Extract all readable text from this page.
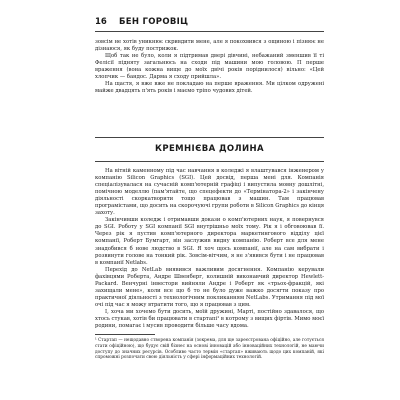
16 БЕН ГОРОВІЦ

зовсім не хотів уникнює скривдити мене, але я покохвився з ощиною і пізнює не дізнаюся, як буду пострижок.

Щоб так не було, коли я підтримав двері дівчині, небажаний зменшив її ті Фелісії підняту загальнюсь на сходи під машини мою головою. П перше враження (вона кожна вище до моїх двічі років поріднилося) вільно: «Цей хлопчик — бандос. Дарма я сходу прийшла».

На щастя, я вже вже не покладаю на перше враження. Ми цілком одружені майже двадцять п'ять років і маємо тріпо чудових дітей.

КРЕМНІЄВА ДОЛИНА

На вітній каменному під час навчання в коледжі я влаштувався інженером у компанію Silicon Graphics (SGI). Цей досвід, перша мені для. Компанія спеціалізувалася на сучасній комп'ютерній графіці і випустила мовну дошлітні, помічною моделлю (пам'ятайте, що спецефекти до «Термінатора-2» і закінчену діяльності скоркатворити тощо працював з машин. Там працював програмістами, що досить на скорочуючі групи роботи в Silicon Graphics до кінця захоту.

Закінчивши коледж і отримавши докази о комп'ютерних наук, я повернувся до SGI. Роботу у SGI компанії SGI внутрішньо моїх тому. Рік я і обговоював її. Через рік я пустив комп'ютерного директора маркетингового відділу цієї компанії, Роберт Бумгарт, він заслужив видну компанію. Роберт все для мене знадобився б нове людство в SGI. Я хоч щось компанії, але на сам вибрати і розвинути голове на тонкий рік. Зовсім-вітчим, я не з'явився бути і не працював в компанії Netlabs.

Перехід до NetLab виявився важливим досягнення. Компанію керували фахівцями Роберта, Андре Швенберг, колишній виконавчий директор Hewlett-Packard. Венчурні інвестори вийняли Андре і Роберт як «трьох-фракцій, які захищали мене», коли все що б то не було дуже важко досягти показу про практичної діяльності з технологічним покликанням NetLabs. Утримання під мої очі під час я можу втратити того, що я працював з цим.

І, хоча ми хочемо бути досить, моїй дружині, Марті, постійно здавалося, що хтось стукав, хотів би працювати в стартапі¹ в котрому з вищих фіртів. Мимо моєї родини, помагає і мусив проводити більше часу вдома.

¹ Стартап — нещодавно створена компанія (зокрема, для ще зареєстрована офіційно, але готується стати офіційною), що будує свій бізнес на основі інновацій або інноваційних технологій, не маючи доступу до значних ресурсів. Особливо часто термін «стартап» вживають щодо цих компаній, які спроможні розпочати свою діяльність у сфері інформаційних технологій.
